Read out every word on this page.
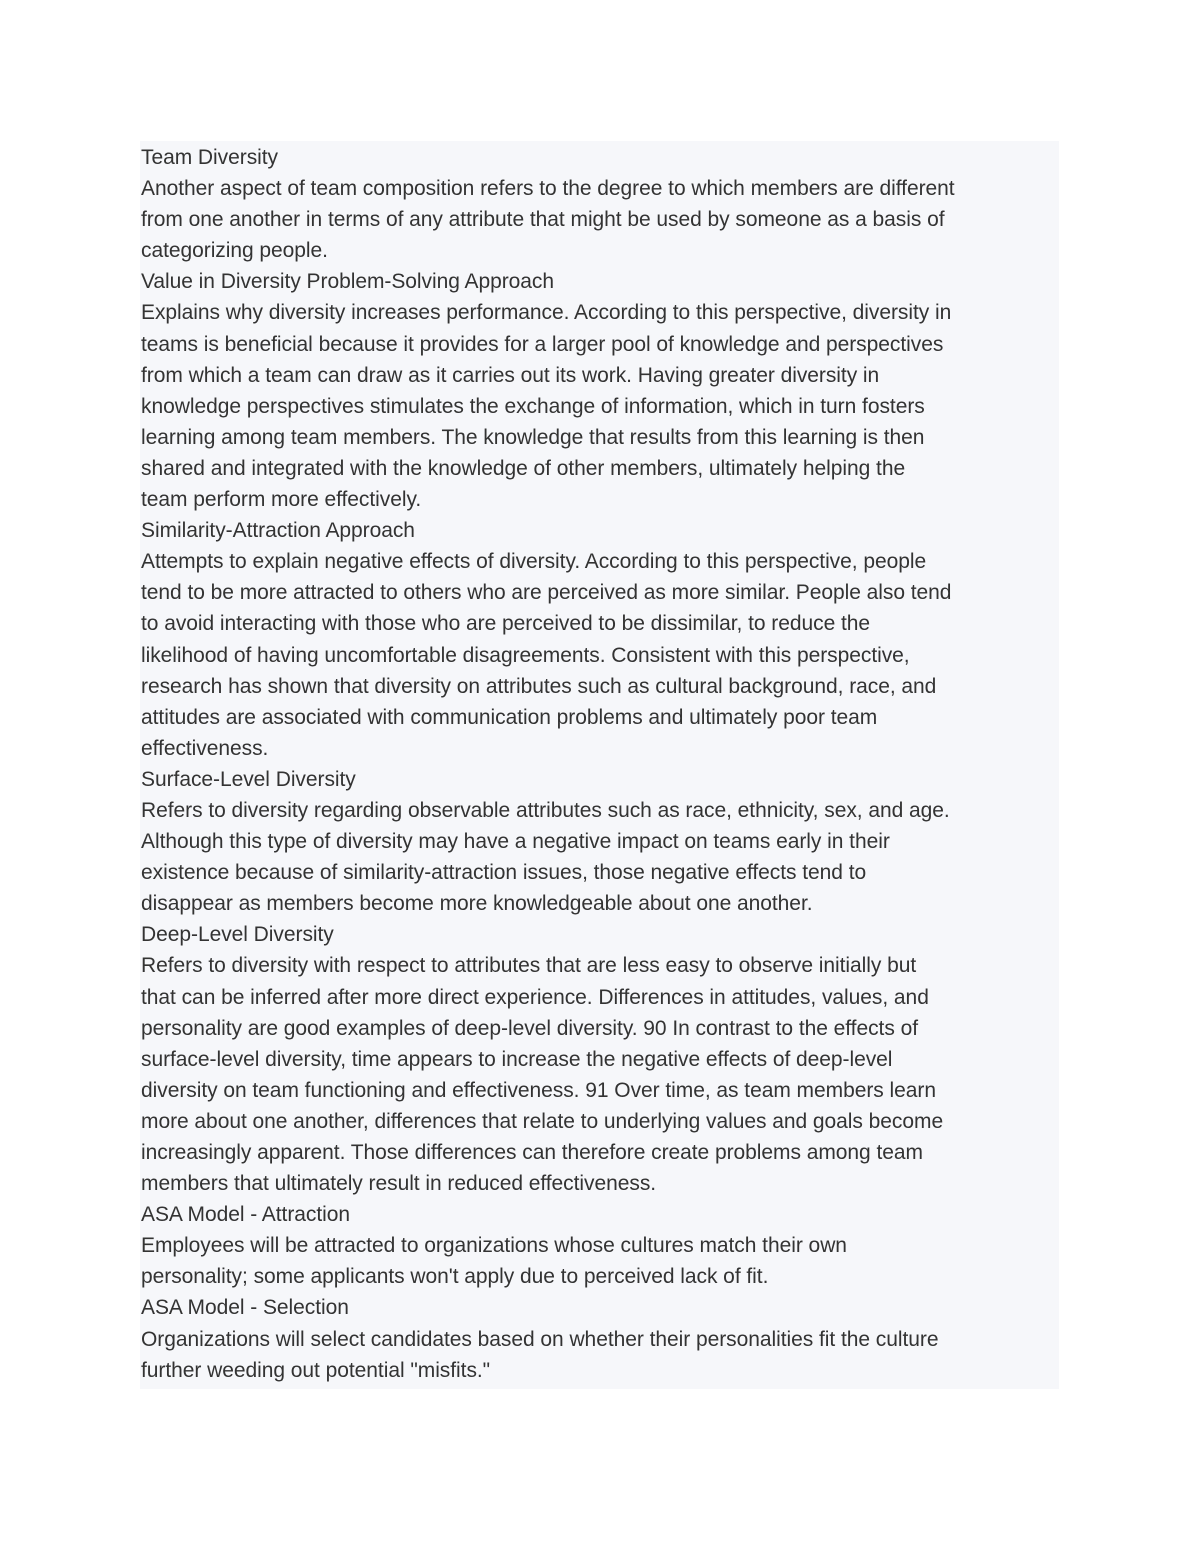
Team Diversity
Another aspect of team composition refers to the degree to which members are different
from one another in terms of any attribute that might be used by someone as a basis of
categorizing people.
Value in Diversity Problem-Solving Approach
Explains why diversity increases performance. According to this perspective, diversity in
teams is beneficial because it provides for a larger pool of knowledge and perspectives
from which a team can draw as it carries out its work. Having greater diversity in
knowledge perspectives stimulates the exchange of information, which in turn fosters
learning among team members. The knowledge that results from this learning is then
shared and integrated with the knowledge of other members, ultimately helping the
team perform more effectively.
Similarity-Attraction Approach
Attempts to explain negative effects of diversity. According to this perspective, people
tend to be more attracted to others who are perceived as more similar. People also tend
to avoid interacting with those who are perceived to be dissimilar, to reduce the
likelihood of having uncomfortable disagreements. Consistent with this perspective,
research has shown that diversity on attributes such as cultural background, race, and
attitudes are associated with communication problems and ultimately poor team
effectiveness.
Surface-Level Diversity
Refers to diversity regarding observable attributes such as race, ethnicity, sex, and age.
Although this type of diversity may have a negative impact on teams early in their
existence because of similarity-attraction issues, those negative effects tend to
disappear as members become more knowledgeable about one another.
Deep-Level Diversity
Refers to diversity with respect to attributes that are less easy to observe initially but
that can be inferred after more direct experience. Differences in attitudes, values, and
personality are good examples of deep-level diversity. 90 In contrast to the effects of
surface-level diversity, time appears to increase the negative effects of deep-level
diversity on team functioning and effectiveness. 91 Over time, as team members learn
more about one another, differences that relate to underlying values and goals become
increasingly apparent. Those differences can therefore create problems among team
members that ultimately result in reduced effectiveness.
ASA Model - Attraction
Employees will be attracted to organizations whose cultures match their own
personality; some applicants won't apply due to perceived lack of fit.
ASA Model - Selection
Organizations will select candidates based on whether their personalities fit the culture
further weeding out potential "misfits."
